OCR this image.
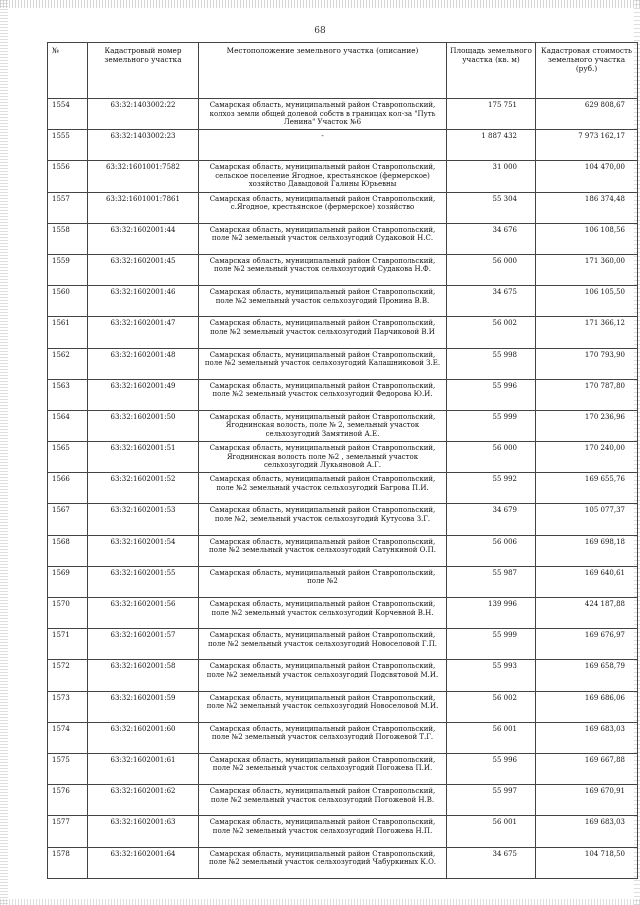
68
№	Кадастровый номер земельного участка	Местоположение земельного участка (описание)	Площадь земельного участка (кв. м)	Кадастровая стоимость земельного участка (руб.)
1554	63:32:1403002:22	Самарская область, муниципальный район Ставропольский, колхоз земли общей долевой собств в границах кол-за "Путь Ленина" Участок №6	175 751	629 808,67
1555	63:32:1403002:23	-	1 887 432	7 973 162,17
1556	63:32:1601001:7582	Самарская область, муниципальный район Ставропольский, сельское поселение Ягодное, крестьянское (фермерское) хозяйство Давыдовой Галины Юрьевны	31 000	104 470,00
1557	63:32:1601001:7861	Самарская область, муниципальный район Ставропольский, с.Ягодное, крестьянское (фермерское) хозяйство	55 304	186 374,48
1558	63:32:1602001:44	Самарская область, муниципальный район Ставропольский, поле №2 земельный участок сельхозугодий Судаковой Н.С.	34 676	106 108,56
1559	63:32:1602001:45	Самарская область, муниципальный район Ставропольский, поле №2 земельный участок сельхозугодий Судакова Н.Ф.	56 000	171 360,00
1560	63:32:1602001:46	Самарская область, муниципальный район Ставропольский, поле №2 земельный участок сельхозугодий Пронина В.В.	34 675	106 105,50
1561	63:32:1602001:47	Самарская область, муниципальный район Ставропольский, поле №2 земельный участок сельхозугодий Парчиковой В.И	56 002	171 366,12
1562	63:32:1602001:48	Самарская область, муниципальный район Ставропольский, поле №2 земельный участок сельхозугодий Калашниковой З.Е.	55 998	170 793,90
1563	63:32:1602001:49	Самарская область, муниципальный район Ставропольский, поле №2 земельный участок сельхозугодий Федорова Ю.И.	55 996	170 787,80
1564	63:32:1602001:50	Самарская область, муниципальный район Ставропольский, Ягоднинская волость, поле № 2, земельный участок сельхозугодий Замятиной А.Е.	55 999	170 236,96
1565	63:32:1602001:51	Самарская область, муниципальный район Ставропольский, Ягоднинская волость поле №2 , земельный участок сельхозугодий Лукьяновой А.Г.	56 000	170 240,00
1566	63:32:1602001:52	Самарская область, муниципальный район Ставропольский, поле №2 земельный участок сельхозугодий Багрова П.И.	55 992	169 655,76
1567	63:32:1602001:53	Самарская область, муниципальный район Ставропольский, поле №2, земельный участок сельхозугодий Кутусова З.Г.	34 679	105 077,37
1568	63:32:1602001:54	Самарская область, муниципальный район Ставропольский, поле №2 земельный участок сельхозугодий Сатункиной О.П.	56 006	169 698,18
1569	63:32:1602001:55	Самарская область, муниципальный район Ставропольский, поле №2	55 987	169 640,61
1570	63:32:1602001:56	Самарская область, муниципальный район Ставропольский, поле №2 земельный участок сельхозугодий Корчевной В.Н.	139 996	424 187,88
1571	63:32:1602001:57	Самарская область, муниципальный район Ставропольский, поле №2 земельный участок сельхозугодий Новоселовой Г.П.	55 999	169 676,97
1572	63:32:1602001:58	Самарская область, муниципальный район Ставропольский, поле №2 земельный участок сельхозугодий Подсвятовой М.И.	55 993	169 658,79
1573	63:32:1602001:59	Самарская область, муниципальный район Ставропольский, поле №2 земельный участок сельхозугодий Новоселовой М.И.	56 002	169 686,06
1574	63:32:1602001:60	Самарская область, муниципальный район Ставропольский, поле №2 земельный участок сельхозугодий Погожевой Т.Г.	56 001	169 683,03
1575	63:32:1602001:61	Самарская область, муниципальный район Ставропольский, поле №2 земельный участок сельхозугодий Погожева П.И.	55 996	169 667,88
1576	63:32:1602001:62	Самарская область, муниципальный район Ставропольский, поле №2 земельный участок сельхозугодий Погожевой Н.В.	55 997	169 670,91
1577	63:32:1602001:63	Самарская область, муниципальный район Ставропольский, поле №2 земельный участок сельхозугодий Погожева Н.П.	56 001	169 683,03
1578	63:32:1602001:64	Самарская область, муниципальный район Ставропольский, поле №2 земельный участок сельхозугодий Чабуркиных К.О.	34 675	104 718,50
